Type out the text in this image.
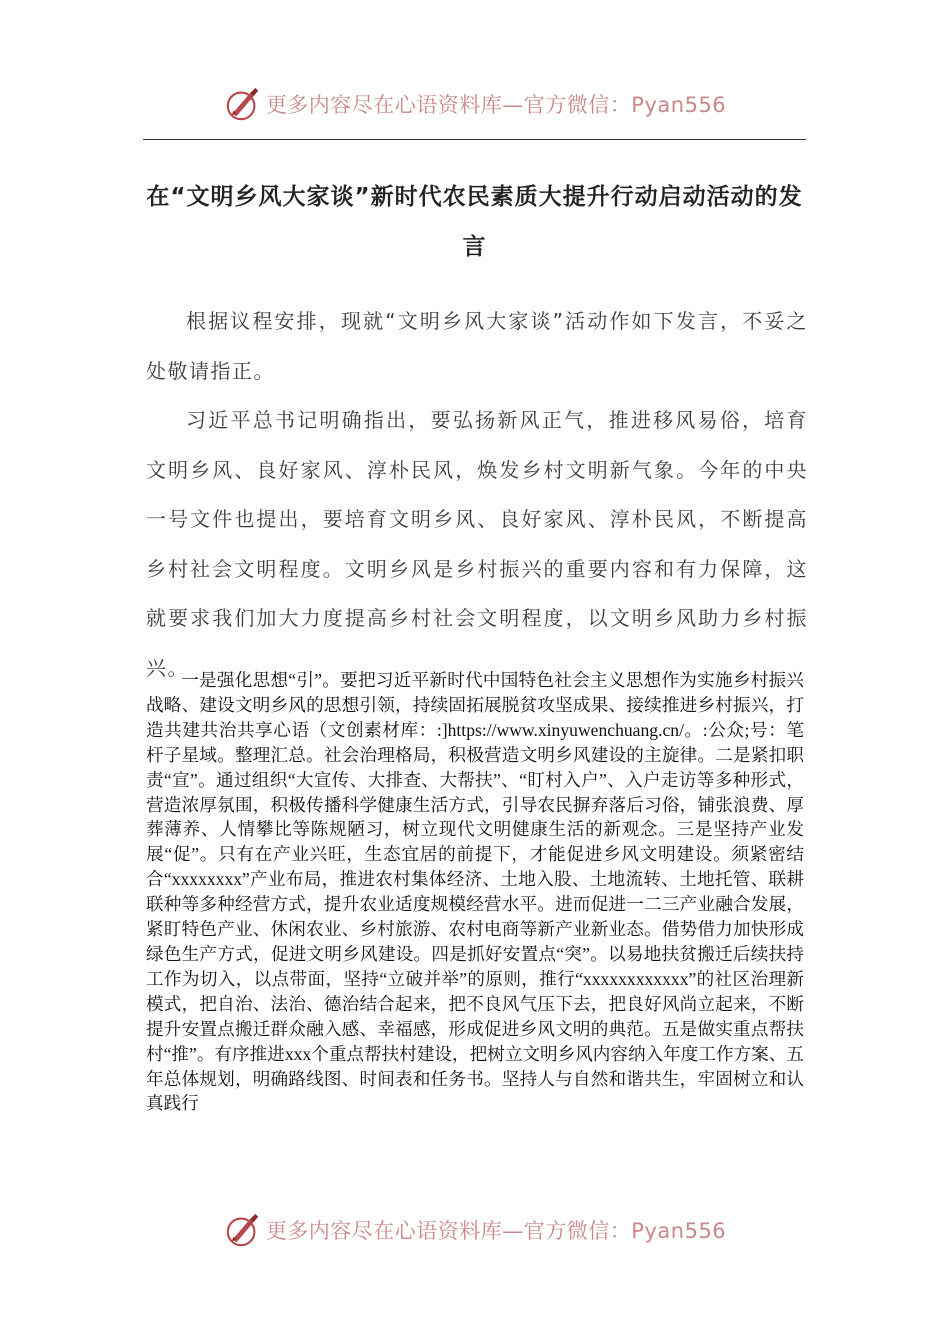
更多内容尽在心语资料库—官方微信：Pyan556
在“文明乡风大家谈”新时代农民素质大提升行动启动活动的发言

根据议程安排，现就“文明乡风大家谈”活动作如下发言，不妥之处敬请指正。

习近平总书记明确指出，要弘扬新风正气，推进移风易俗，培育文明乡风、良好家风、淳朴民风，焕发乡村文明新气象。今年的中央一号文件也提出，要培育文明乡风、良好家风、淳朴民风，不断提高乡村社会文明程度。文明乡风是乡村振兴的重要内容和有力保障，这就要求我们加大力度提高乡村社会文明程度，以文明乡风助力乡村振兴。

一是强化思想“引”。要把习近平新时代中国特色社会主义思想作为实施乡村振兴战略、建设文明乡风的思想引领，持续固拓展脱贫攻坚成果、接续推进乡村振兴，打造共建共治共享心语（文创素材库：:]https://www.xinyuwenchuang.cn/。:公众;号：笔杆子星域。整理汇总。社会治理格局，积极营造文明乡风建设的主旋律。二是紧扣职责“宣”。通过组织“大宣传、大排查、大帮扶”、“盯村入户”、入户走访等多种形式，营造浓厚氛围，积极传播科学健康生活方式，引导农民摒弃落后习俗，铺张浪费、厚葬薄养、人情攀比等陈规陋习，树立现代文明健康生活的新观念。三是坚持产业发展“促”。只有在产业兴旺，生态宜居的前提下，才能促进乡风文明建设。须紧密结合“xxxxxxxx”产业布局，推进农村集体经济、土地入股、土地流转、土地托管、联耕联种等多种经营方式，提升农业适度规模经营水平。进而促进一二三产业融合发展，紧盯特色产业、休闲农业、乡村旅游、农村电商等新产业新业态。借势借力加快形成绿色生产方式，促进文明乡风建设。四是抓好安置点“突”。以易地扶贫搬迁后续扶持工作为切入，以点带面，坚持“立破并举”的原则，推行“xxxxxxxxxxxx”的社区治理新模式，把自治、法治、德治结合起来，把不良风气压下去，把良好风尚立起来，不断提升安置点搬迁群众融入感、幸福感，形成促进乡风文明的典范。五是做实重点帮扶村“推”。有序推进xxx个重点帮扶村建设，把树立文明乡风内容纳入年度工作方案、五年总体规划，明确路线图、时间表和任务书。坚持人与自然和谐共生，牢固树立和认真践行

更多内容尽在心语资料库—官方微信：Pyan556
